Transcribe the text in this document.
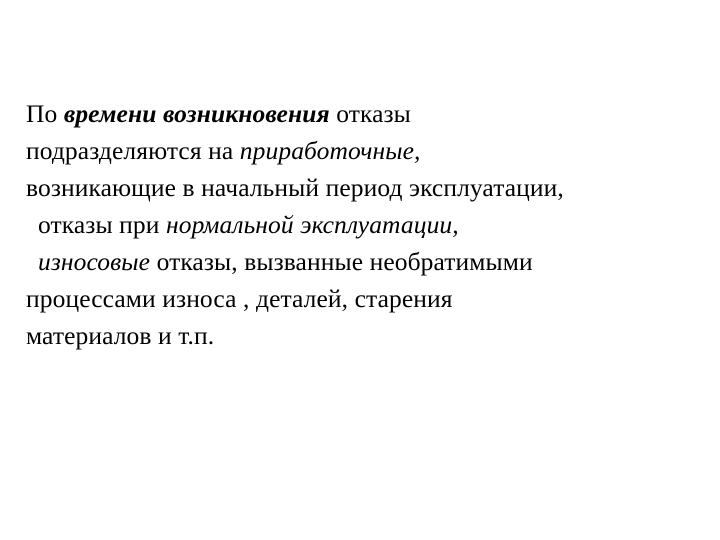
По времени возникновения отказы
подразделяются на приработочные,
возникающие в начальный период эксплуатации,
отказы при нормальной эксплуатации,
износовые отказы, вызванные необратимыми
процессами износа , деталей, старения
материалов и т.п.
